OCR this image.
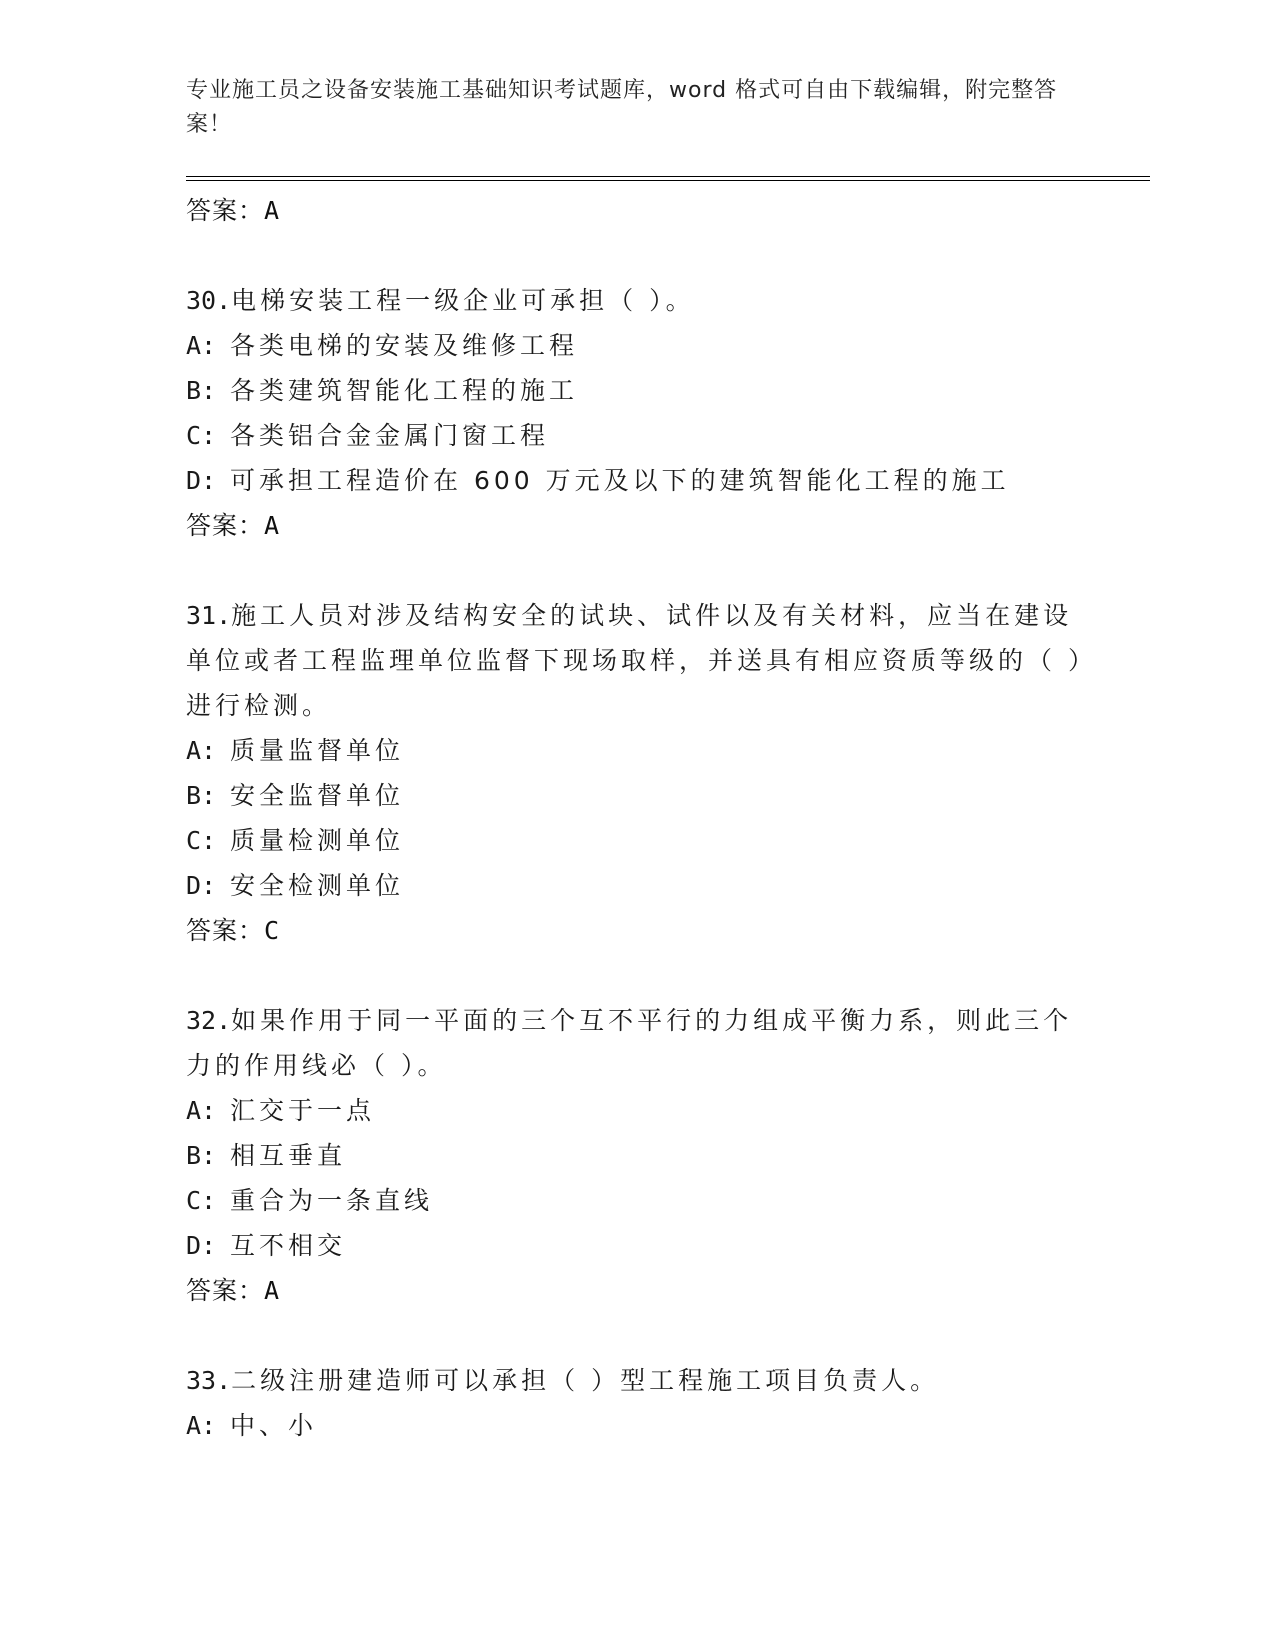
专业施工员之设备安装施工基础知识考试题库，word 格式可自由下载编辑，附完整答案！

答案：A

30.电梯安装工程一级企业可承担（ ）。

A: 各类电梯的安装及维修工程

B: 各类建筑智能化工程的施工

C: 各类铝合金金属门窗工程

D: 可承担工程造价在 600 万元及以下的建筑智能化工程的施工

答案：A

31.施工人员对涉及结构安全的试块、试件以及有关材料，应当在建设单位或者工程监理单位监督下现场取样，并送具有相应资质等级的（ ）进行检测。

A: 质量监督单位

B: 安全监督单位

C: 质量检测单位

D: 安全检测单位

答案：C

32.如果作用于同一平面的三个互不平行的力组成平衡力系，则此三个力的作用线必（ ）。

A: 汇交于一点

B: 相互垂直

C: 重合为一条直线

D: 互不相交

答案：A

33.二级注册建造师可以承担（ ）型工程施工项目负责人。

A: 中、小
